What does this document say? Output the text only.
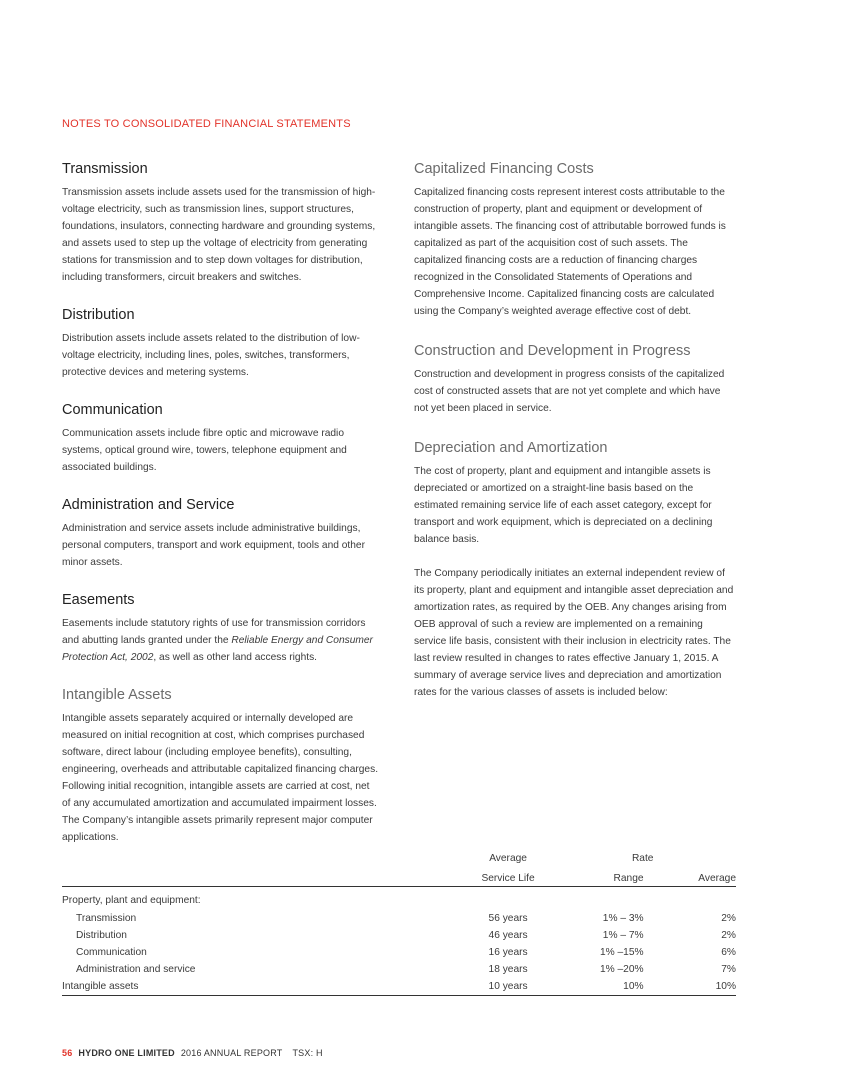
NOTES TO CONSOLIDATED FINANCIAL STATEMENTS
Transmission

Transmission assets include assets used for the transmission of high-voltage electricity, such as transmission lines, support structures, foundations, insulators, connecting hardware and grounding systems, and assets used to step up the voltage of electricity from generating stations for transmission and to step down voltages for distribution, including transformers, circuit breakers and switches.

Distribution

Distribution assets include assets related to the distribution of low-voltage electricity, including lines, poles, switches, transformers, protective devices and metering systems.

Communication

Communication assets include fibre optic and microwave radio systems, optical ground wire, towers, telephone equipment and associated buildings.

Administration and Service

Administration and service assets include administrative buildings, personal computers, transport and work equipment, tools and other minor assets.

Easements

Easements include statutory rights of use for transmission corridors and abutting lands granted under the Reliable Energy and Consumer Protection Act, 2002, as well as other land access rights.

Intangible Assets

Intangible assets separately acquired or internally developed are measured on initial recognition at cost, which comprises purchased software, direct labour (including employee benefits), consulting, engineering, overheads and attributable capitalized financing charges. Following initial recognition, intangible assets are carried at cost, net of any accumulated amortization and accumulated impairment losses. The Company’s intangible assets primarily represent major computer applications.

Capitalized Financing Costs

Capitalized financing costs represent interest costs attributable to the construction of property, plant and equipment or development of intangible assets. The financing cost of attributable borrowed funds is capitalized as part of the acquisition cost of such assets. The capitalized financing costs are a reduction of financing charges recognized in the Consolidated Statements of Operations and Comprehensive Income. Capitalized financing costs are calculated using the Company’s weighted average effective cost of debt.

Construction and Development in Progress

Construction and development in progress consists of the capitalized cost of constructed assets that are not yet complete and which have not yet been placed in service.

Depreciation and Amortization

The cost of property, plant and equipment and intangible assets is depreciated or amortized on a straight-line basis based on the estimated remaining service life of each asset category, except for transport and work equipment, which is depreciated on a declining balance basis.

The Company periodically initiates an external independent review of its property, plant and equipment and intangible asset depreciation and amortization rates, as required by the OEB. Any changes arising from OEB approval of such a review are implemented on a remaining service life basis, consistent with their inclusion in electricity rates. The last review resulted in changes to rates effective January 1, 2015. A summary of average service lives and depreciation and amortization rates for the various classes of assets is included below:

	Average	Rate	
	Service Life	Range	Average
Property, plant and equipment:			
Transmission	56 years	1% – 3%	2%
Distribution	46 years	1% – 7%	2%
Communication	16 years	1% –15%	6%
Administration and service	18 years	1% –20%	7%
Intangible assets	10 years	10%	10%
56 HYDRO ONE LIMITED 2016 ANNUAL REPORT TSX: H
